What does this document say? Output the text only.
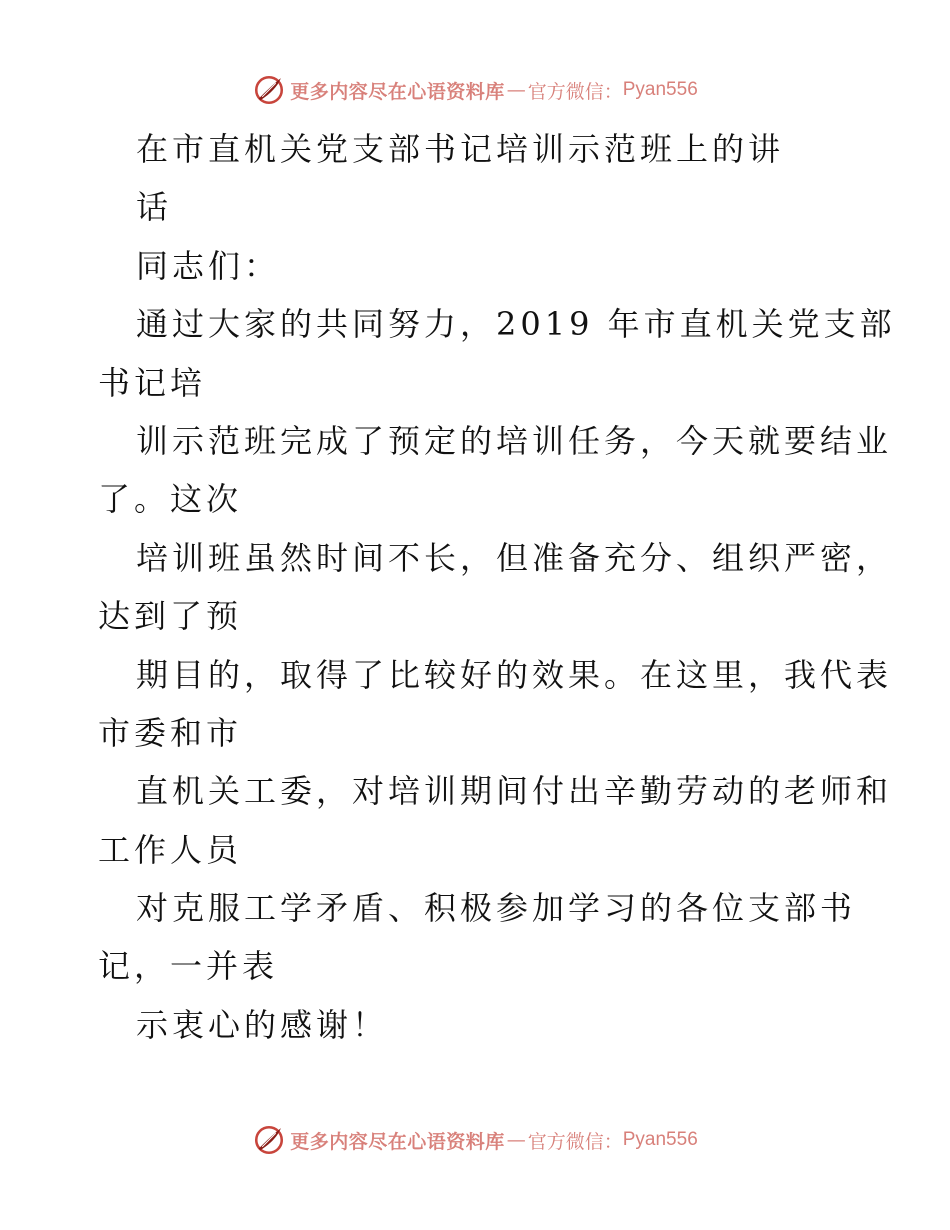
更多内容尽在心语资料库 — 官方微信： Pyan556
在市直机关党支部书记培训示范班上的讲
话
同志们：
通过大家的共同努力，2019 年市直机关党支部
书记培
训示范班完成了预定的培训任务，今天就要结业
了。这次
培训班虽然时间不长，但准备充分、组织严密，
达到了预
期目的，取得了比较好的效果。在这里，我代表
市委和市
直机关工委，对培训期间付出辛勤劳动的老师和
工作人员
对克服工学矛盾、积极参加学习的各位支部书
记，一并表
示衷心的感谢！
更多内容尽在心语资料库 — 官方微信： Pyan556
